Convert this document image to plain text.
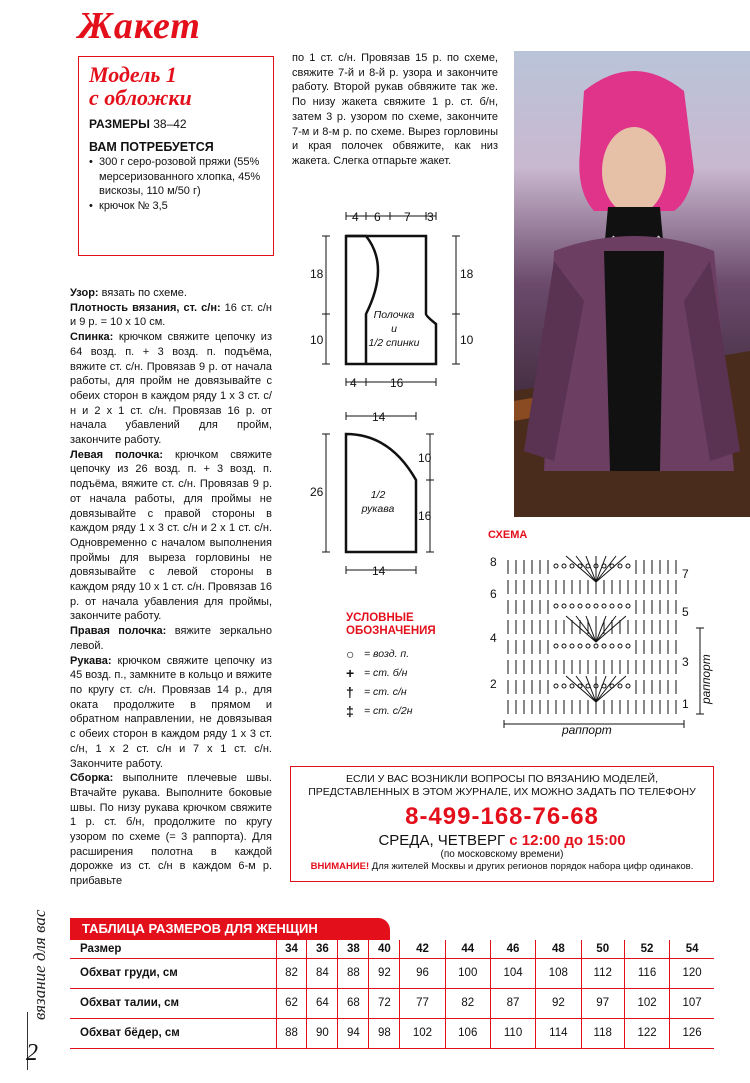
Жакет
Модель 1
с обложки
РАЗМЕРЫ 38–42
ВАМ ПОТРЕБУЕТСЯ
• 300 г серо-розовой пряжи (55% мерсеризованного хлопка, 45% вискозы, 110 м/50 г)
• крючок № 3,5
Узор: вязать по схеме.
Плотность вязания, ст. с/н: 16 ст. с/н и 9 р. = 10 х 10 см.
Спинка: крючком свяжите цепочку из 64 возд. п. + 3 возд. п. подъёма, вяжите ст. с/н. Провязав 9 р. от начала работы, для пройм не довязывайте с обеих сторон в каждом ряду 1 х 3 ст. с/н и 2 х 1 ст. с/н. Провязав 16 р. от начала убавлений для пройм, закончите работу.
Левая полочка: крючком свяжите цепочку из 26 возд. п. + 3 возд. п. подъёма, вяжите ст. с/н. Провязав 9 р. от начала работы, для проймы не довязывайте с правой стороны в каждом ряду 1 х 3 ст. с/н и 2 х 1 ст. с/н. Одновременно с началом выполнения проймы для выреза горловины не довязывайте с левой стороны в каждом ряду 10 х 1 ст. с/н. Провязав 16 р. от начала убавления для проймы, закончите работу.
Правая полочка: вяжите зеркально левой.
Рукава: крючком свяжите цепочку из 45 возд. п., замкните в кольцо и вяжите по кругу ст. с/н. Провязав 14 р., для оката продолжите в прямом и обратном направлении, не довязывая с обеих сторон в каждом ряду 1 х 3 ст. с/н, 1 х 2 ст. с/н и 7 х 1 ст. с/н. Закончите работу.
Сборка: выполните плечевые швы. Втачайте рукава. Выполните боковые швы. По низу рукава крючком свяжите 1 р. ст. б/н, продолжите по кругу узором по схеме (= 3 раппорта). Для расширения полотна в каждой дорожке из ст. с/н в каждом 6-м р. прибавьте
по 1 ст. с/н. Провязав 15 р. по схеме, свяжите 7-й и 8-й р. узора и закончите работу. Второй рукав обвяжите так же. По низу жакета свяжите 1 р. ст. б/н, затем 3 р. узором по схеме, закончите 7-м и 8-м р. по схеме. Вырез горловины и края полочек обвяжите, как низ жакета. Слегка отпарьте жакет.
4 6 7 3
18
10
18
10
4	16
14
26
10
16
14
Полочка
и
1/2 спинки
1/2
рукава
СХЕМА
8
6
4
2
7
5
3
1
раппорт
раппорт
УСЛОВНЫЕ
ОБОЗНАЧЕНИЯ
○ = возд. п.
+ = ст. б/н
† = ст. с/н
‡ = ст. с/2н
ЕСЛИ У ВАС ВОЗНИКЛИ ВОПРОСЫ ПО ВЯЗАНИЮ МОДЕЛЕЙ, ПРЕДСТАВЛЕННЫХ В ЭТОМ ЖУРНАЛЕ, ИХ МОЖНО ЗАДАТЬ ПО ТЕЛЕФОНУ
8-499-168-76-68
СРЕДА, ЧЕТВЕРГ с 12:00 до 15:00
(по московскому времени)
ВНИМАНИЕ! Для жителей Москвы и других регионов порядок набора цифр одинаков.
ТАБЛИЦА РАЗМЕРОВ ДЛЯ ЖЕНЩИН
Размер	34	36	38	40	42	44	46	48	50	52	54
Обхват груди, см	82	84	88	92	96	100	104	108	112	116	120
Обхват талии, см	62	64	68	72	77	82	87	92	97	102	107
Обхват бёдер, см	88	90	94	98	102	106	110	114	118	122	126
вязание для вас
2
